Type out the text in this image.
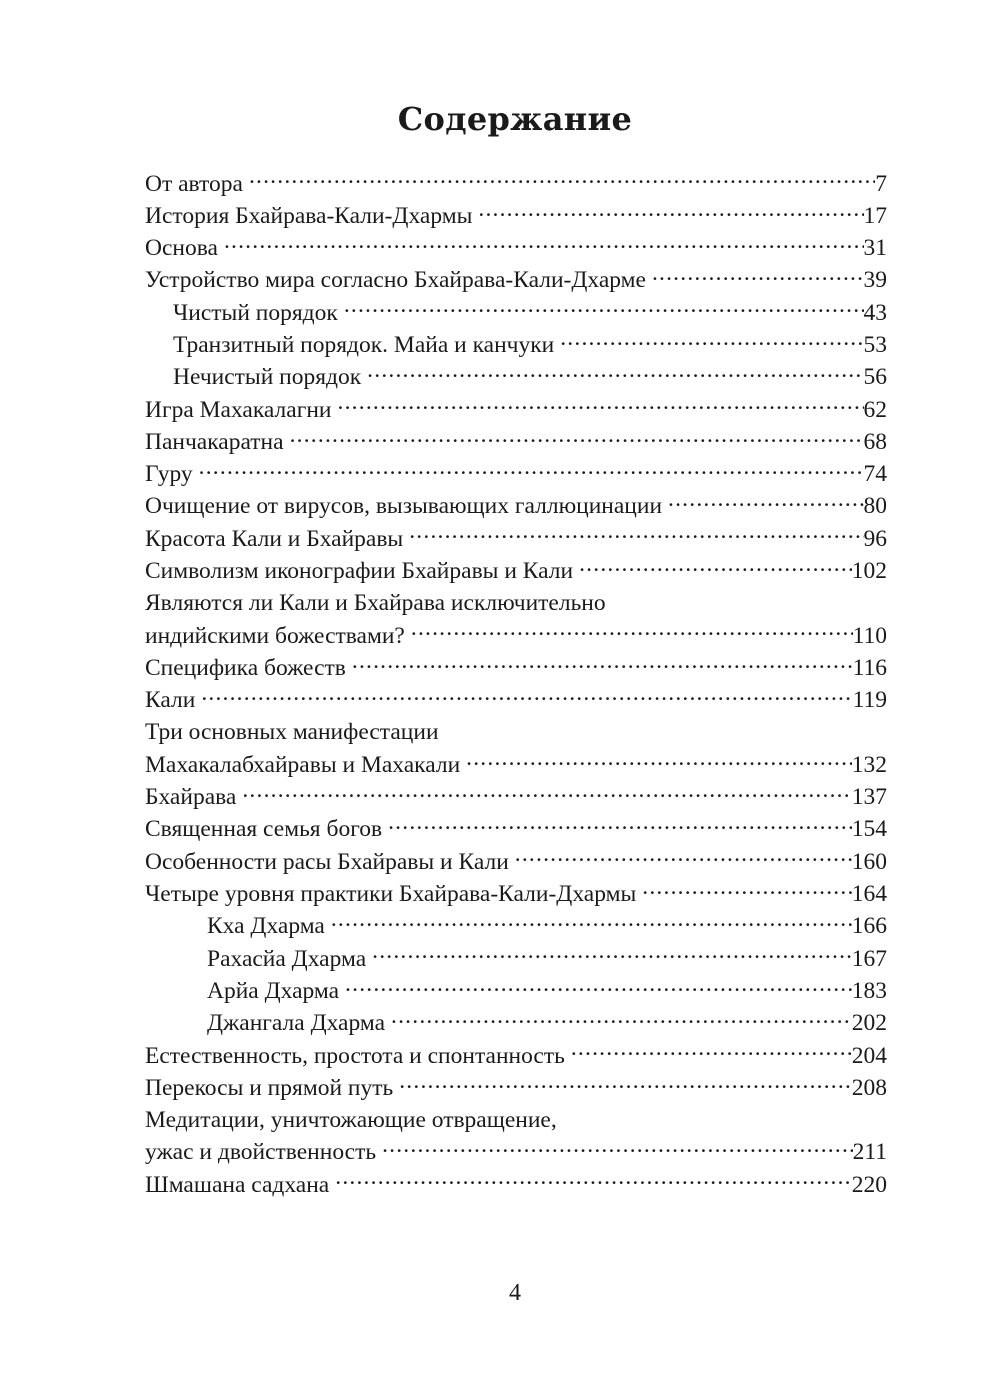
Содержание
От автора .....	7
История Бхайрава-Кали-Дхармы .....	17
Основа .....	31
Устройство мира согласно Бхайрава-Кали-Дхарме .....	39
Чистый порядок .....	43
Транзитный порядок. Майа и канчуки .....	53
Нечистый порядок .....	56
Игра Махакалагни .....	62
Панчакаратна .....	68
Гуру .....	74
Очищение от вирусов, вызывающих галлюцинации .....	80
Красота Кали и Бхайравы .....	96
Символизм иконографии Бхайравы и Кали .....	102
Являются ли Кали и Бхайрава исключительно
индийскими божествами? .....	110
Специфика божеств .....	116
Кали .....	119
Три основных манифестации
Махакалабхайравы и Махакали .....	132
Бхайрава .....	137
Священная семья богов .....	154
Особенности расы Бхайравы и Кали .....	160
Четыре уровня практики Бхайрава-Кали-Дхармы .....	164
Кха Дхарма .....	166
Рахасйа Дхарма .....	167
Арйа Дхарма .....	183
Джангала Дхарма .....	202
Естественность, простота и спонтанность .....	204
Перекосы и прямой путь .....	208
Медитации, уничтожающие отвращение,
ужас и двойственность .....	211
Шмашана садхана .....	220
4
